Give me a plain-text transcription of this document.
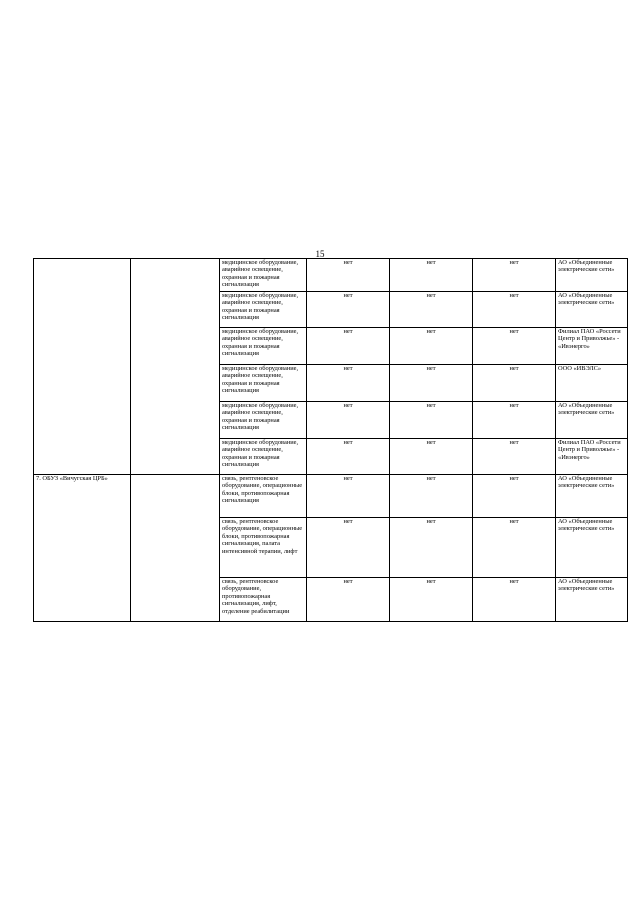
15
		медицинское оборудование, аварийное освещение, охранная и пожарная сигнализация	нет	нет	нет	АО «Объединенные электрические сети»
		медицинское оборудование, аварийное освещение, охранная и пожарная сигнализация	нет	нет	нет	АО «Объединенные электрические сети»
		медицинское оборудование, аварийное освещение, охранная и пожарная сигнализация	нет	нет	нет	Филиал ПАО «Россети Центр и Приволжье» - «Ивэнерго»
		медицинское оборудование, аварийное освещение, охранная и пожарная сигнализация	нет	нет	нет	ООО «ИВЭЛС»
		медицинское оборудование, аварийное освещение, охранная и пожарная сигнализация	нет	нет	нет	АО «Объединенные электрические сети»
		медицинское оборудование, аварийное освещение, охранная и пожарная сигнализация	нет	нет	нет	Филиал ПАО «Россети Центр и Приволжье» - «Ивэнерго»
7. ОБУЗ «Вичугская ЦРБ»		связь, рентгеновское оборудование, операционные блоки, противопожарная сигнализация	нет	нет	нет	АО «Объединенные электрические сети»
		связь, рентгеновское оборудование, операционные блоки, противопожарная сигнализация, палата интенсивной терапии, лифт	нет	нет	нет	АО «Объединенные электрические сети»
		связь, рентгеновское оборудование, противопожарная сигнализация, лифт, отделение реабилитации	нет	нет	нет	АО «Объединенные электрические сети»
